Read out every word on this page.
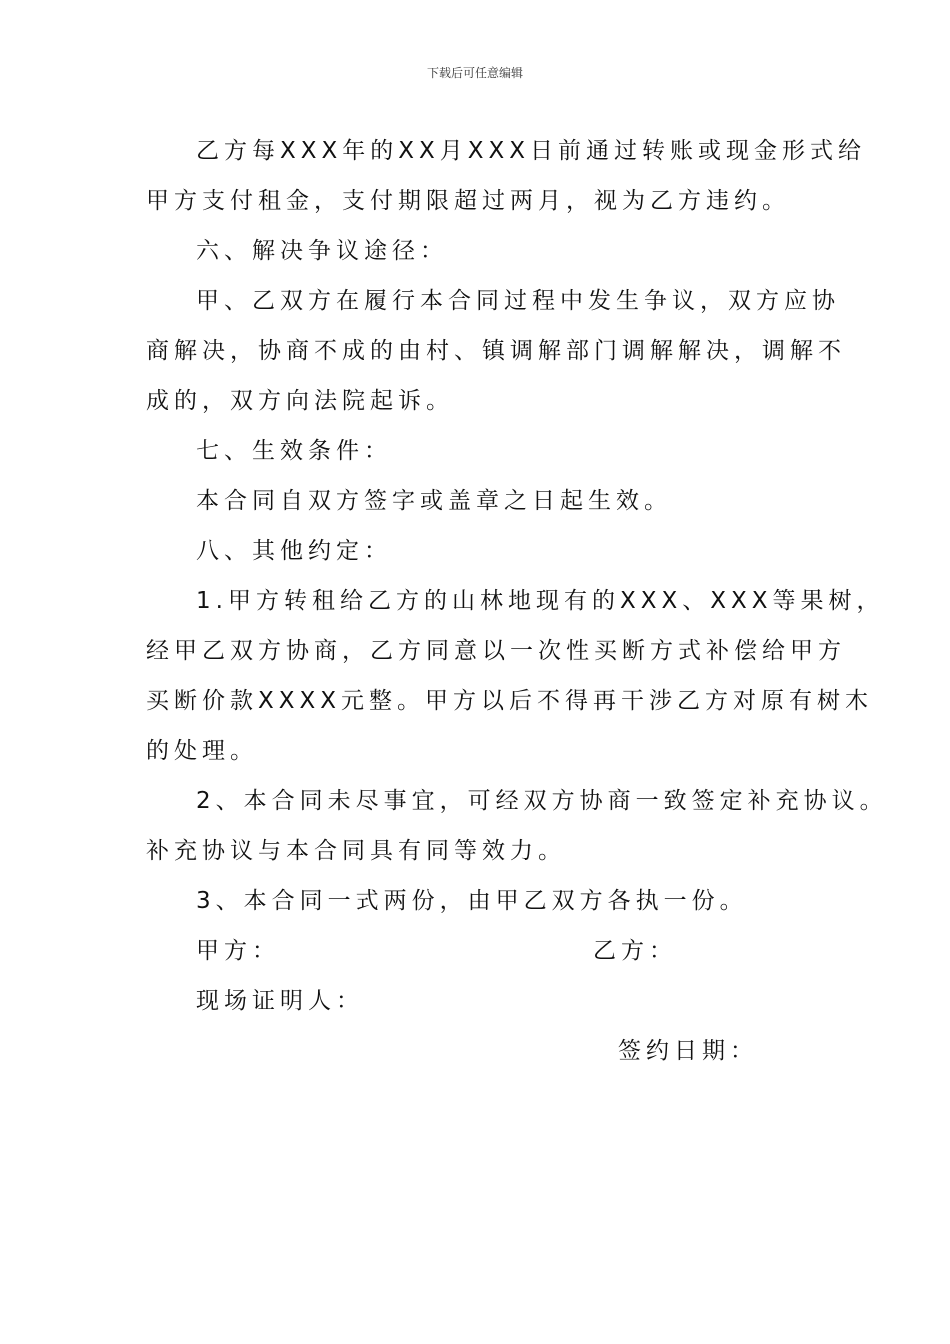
下载后可任意编辑
乙方每XXX年的XX月XXX日前通过转账或现金形式给
甲方支付租金，支付期限超过两月，视为乙方违约。
六、解决争议途径：
甲、乙双方在履行本合同过程中发生争议，双方应协
商解决，协商不成的由村、镇调解部门调解解决，调解不
成的，双方向法院起诉。
七、生效条件：
本合同自双方签字或盖章之日起生效。
八、其他约定：
1.甲方转租给乙方的山林地现有的XXX、XXX等果树，
经甲乙双方协商，乙方同意以一次性买断方式补偿给甲方
买断价款XXXX元整。甲方以后不得再干涉乙方对原有树木
的处理。
2、本合同未尽事宜，可经双方协商一致签定补充协议。
补充协议与本合同具有同等效力。
3、本合同一式两份，由甲乙双方各执一份。
甲方：	乙方：
现场证明人：
签约日期：
